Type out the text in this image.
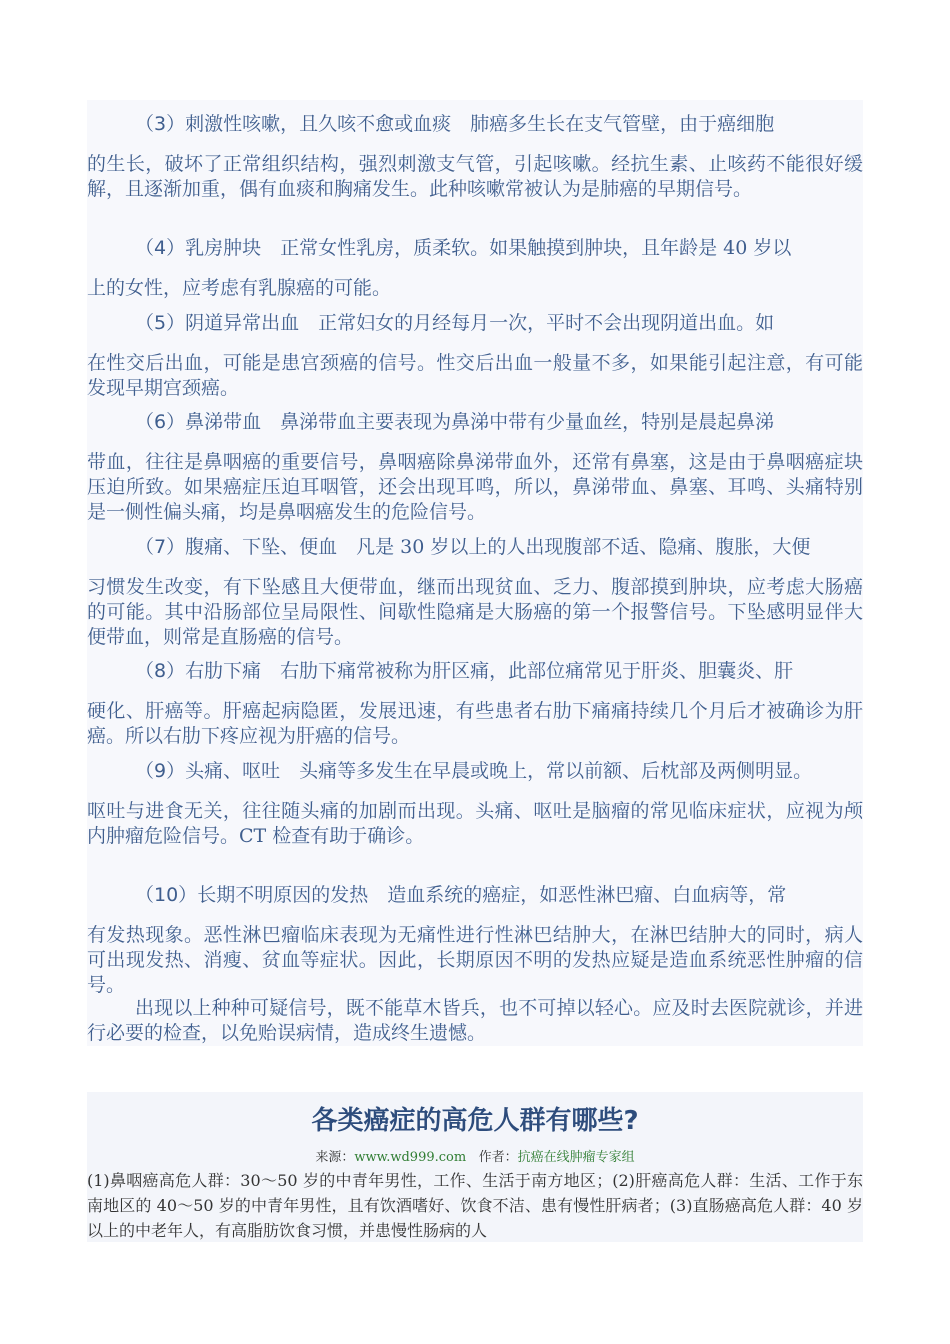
（3）刺激性咳嗽，且久咳不愈或血痰　 肺癌多生长在支气管壁，由于癌细胞
的生长，破坏了正常组织结构，强烈刺激支气管，引起咳嗽。经抗生素、止咳药不能很好缓解，且逐渐加重，偶有血痰和胸痛发生。此种咳嗽常被认为是肺癌的早期信号。
（4）乳房肿块　 正常女性乳房，质柔软。如果触摸到肿块，且年龄是 40 岁以
上的女性，应考虑有乳腺癌的可能。
（5）阴道异常出血　 正常妇女的月经每月一次，平时不会出现阴道出血。如
在性交后出血，可能是患宫颈癌的信号。性交后出血一般量不多，如果能引起注意，有可能发现早期宫颈癌。
（6）鼻涕带血　 鼻涕带血主要表现为鼻涕中带有少量血丝，特别是晨起鼻涕
带血，往往是鼻咽癌的重要信号，鼻咽癌除鼻涕带血外，还常有鼻塞，这是由于鼻咽癌症块压迫所致。如果癌症压迫耳咽管，还会出现耳鸣，所以，鼻涕带血、鼻塞、耳鸣、头痛特别是一侧性偏头痛，均是鼻咽癌发生的危险信号。
（7）腹痛、下坠、便血　 凡是 30 岁以上的人出现腹部不适、隐痛、腹胀，大便
习惯发生改变，有下坠感且大便带血，继而出现贫血、乏力、腹部摸到肿块，应考虑大肠癌的可能。其中沿肠部位呈局限性、间歇性隐痛是大肠癌的第一个报警信号。下坠感明显伴大便带血，则常是直肠癌的信号。
（8）右肋下痛　 右肋下痛常被称为肝区痛，此部位痛常见于肝炎、胆囊炎、肝
硬化、肝癌等。肝癌起病隐匿，发展迅速，有些患者右肋下痛痛持续几个月后才被确诊为肝癌。所以右肋下疼应视为肝癌的信号。
（9）头痛、呕吐　 头痛等多发生在早晨或晚上，常以前额、后枕部及两侧明显。
呕吐与进食无关，往往随头痛的加剧而出现。头痛、呕吐是脑瘤的常见临床症状，应视为颅内肿瘤危险信号。CT 检查有助于确诊。
（10）长期不明原因的发热　 造血系统的癌症，如恶性淋巴瘤、白血病等，常
有发热现象。恶性淋巴瘤临床表现为无痛性进行性淋巴结肿大，在淋巴结肿大的同时，病人可出现发热、消瘦、贫血等症状。因此，长期原因不明的发热应疑是造血系统恶性肿瘤的信号。

出现以上种种可疑信号，既不能草木皆兵，也不可掉以轻心。应及时去医院就诊，并进行必要的检查，以免贻误病情，造成终生遗憾。

各类癌症的高危人群有哪些?
来源：www.wd999.com 作者：抗癌在线肿瘤专家组

(1)鼻咽癌高危人群：30～50 岁的中青年男性，工作、生活于南方地区；(2)肝癌高危人群：生活、工作于东南地区的 40～50 岁的中青年男性，且有饮酒嗜好、饮食不洁、患有慢性肝病者；(3)直肠癌高危人群：40 岁以上的中老年人，有高脂肪饮食习惯，并患慢性肠病的人
